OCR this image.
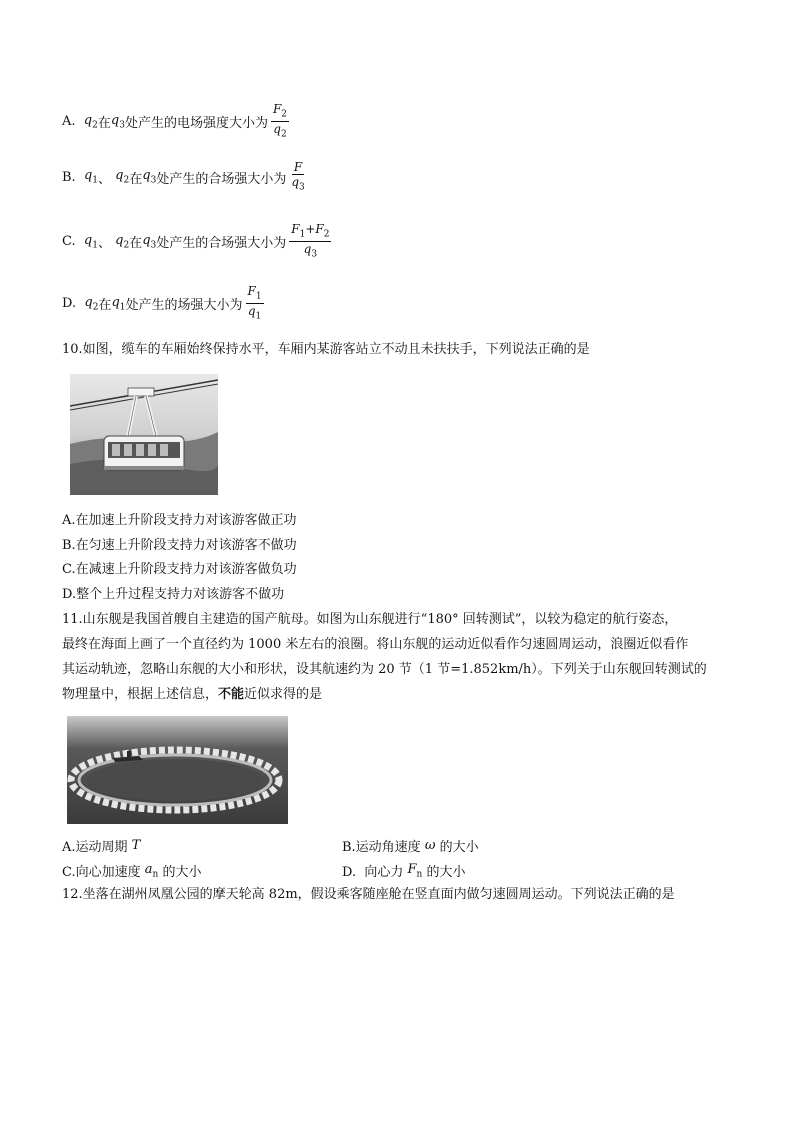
A.
$q_2$ 在 $q_3$ 处产生的电场强度大小为 $\frac{F_2}{q_2}$
B.
$q_1$ 、
$q_2$ 在 $q_3$ 处产生的合场强大小为 $\frac{F}{q_3}$
C.
$q_1$ 、
$q_2$ 在 $q_3$ 处产生的合场强大小为 $\frac{F_1+F_2}{q_3}$
D.
$q_2$ 在 $q_1$ 处产生的场强大小为 $\frac{F_1}{q_1}$
10.如图，缆车的车厢始终保持水平，车厢内某游客站立不动且未扶扶手，下列说法正确的是
A.在加速上升阶段支持力对该游客做正功
B.在匀速上升阶段支持力对该游客不做功
C.在减速上升阶段支持力对该游客做负功
D.整个上升过程支持力对该游客不做功
11.山东舰是我国首艘自主建造的国产航母。如图为山东舰进行“180° 回转测试”，以较为稳定的航行姿态，
最终在海面上画了一个直径约为 1000 米左右的浪圈。将山东舰的运动近似看作匀速圆周运动，浪圈近似看作
其运动轨迹，忽略山东舰的大小和形状，设其航速约为 20 节（1 节=1.852km/h）。下列关于山东舰回转测试的
物理量中，根据上述信息，不能近似求得的是
A.运动周期 T	B.运动角速度 ω 的大小
C.向心加速度 $a_n$ 的大小	D.  向心力 $F_n$ 的大小
12.坐落在湖州凤凰公园的摩天轮高 82m，假设乘客随座舱在竖直面内做匀速圆周运动。下列说法正确的是
